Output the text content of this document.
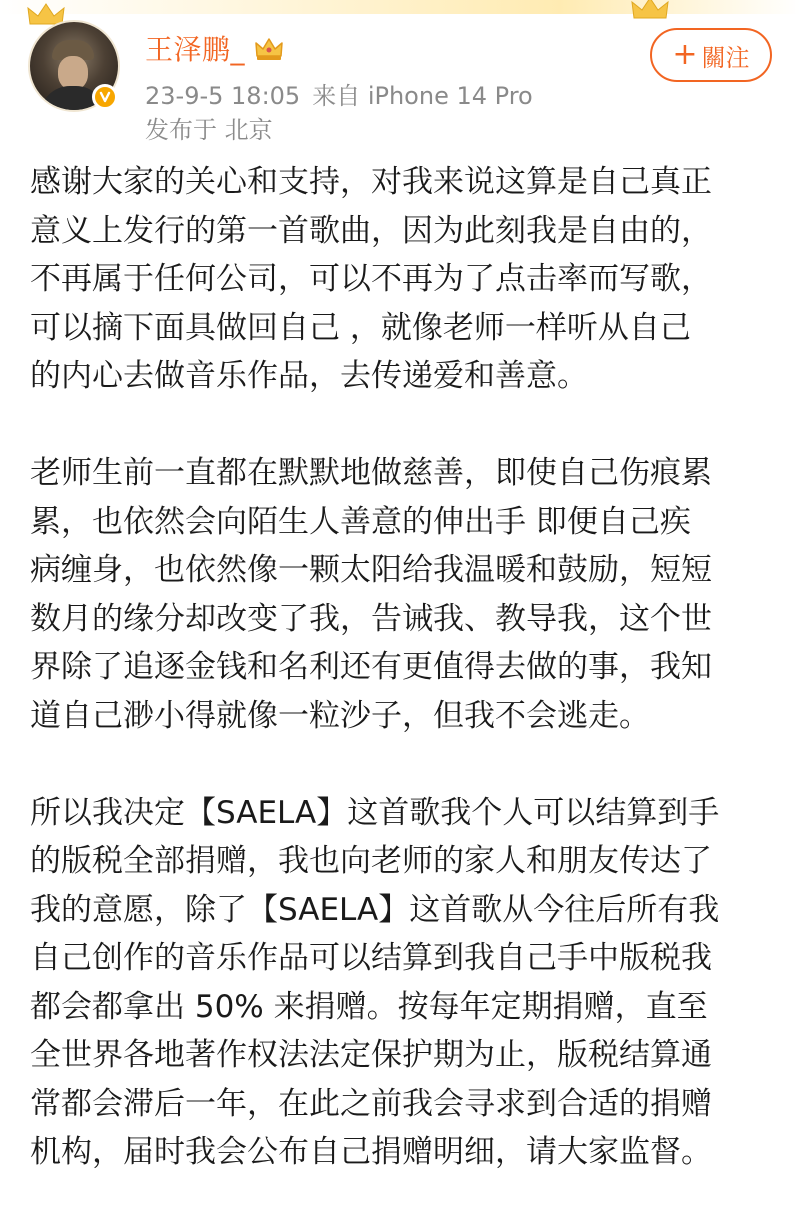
王泽鹏_
23-9-5 18:05 来自 iPhone 14 Pro
发布于 北京
+ 關注
感谢大家的关心和支持，对我来说这算是自己真正
意义上发行的第一首歌曲，因为此刻我是自由的，
不再属于任何公司，可以不再为了点击率而写歌，
可以摘下面具做回自己 ，就像老师一样听从自己
的内心去做音乐作品，去传递爱和善意。
老师生前一直都在默默地做慈善，即使自己伤痕累
累，也依然会向陌生人善意的伸出手 即便自己疾
病缠身，也依然像一颗太阳给我温暖和鼓励，短短
数月的缘分却改变了我，告诫我、教导我，这个世
界除了追逐金钱和名利还有更值得去做的事，我知
道自己渺小得就像一粒沙子，但我不会逃走。
所以我决定【SAELA】这首歌我个人可以结算到手
的版税全部捐赠，我也向老师的家人和朋友传达了
我的意愿，除了【SAELA】这首歌从今往后所有我
自己创作的音乐作品可以结算到我自己手中版税我
都会都拿出 50% 来捐赠。按每年定期捐赠，直至
全世界各地著作权法法定保护期为止，版税结算通
常都会滞后一年，在此之前我会寻求到合适的捐赠
机构，届时我会公布自己捐赠明细，请大家监督。
